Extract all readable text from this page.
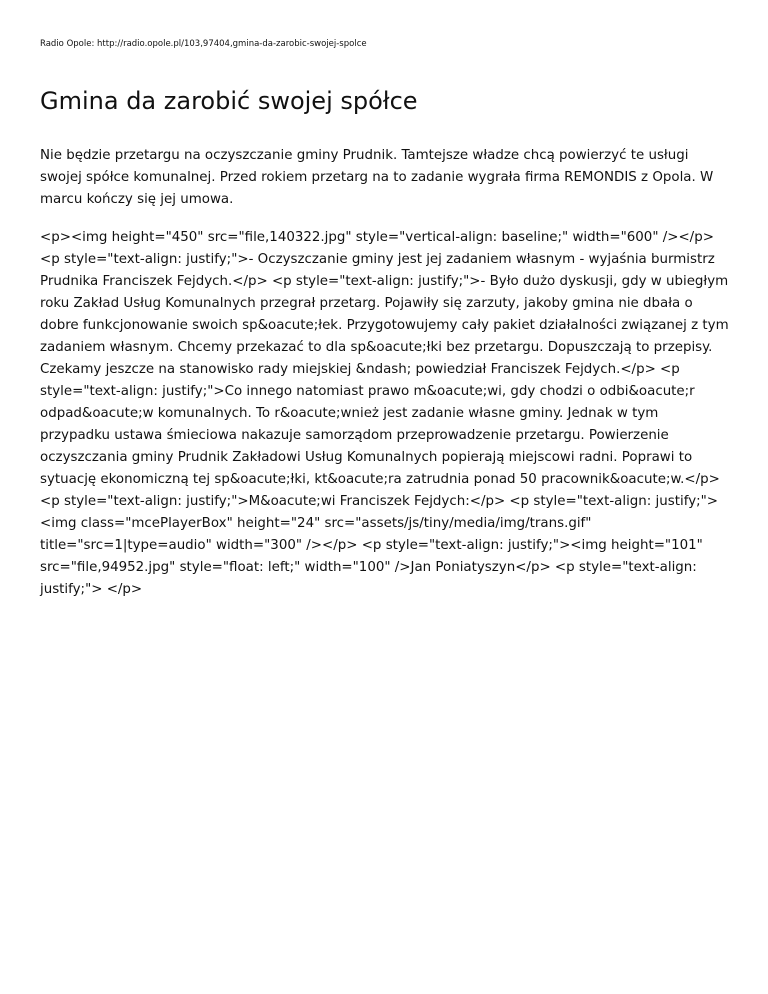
Radio Opole: http://radio.opole.pl/103,97404,gmina-da-zarobic-swojej-spolce
Gmina da zarobić swojej spółce

Nie będzie przetargu na oczyszczanie gminy Prudnik. Tamtejsze władze chcą powierzyć te usługi swojej spółce komunalnej. Przed rokiem przetarg na to zadanie wygrała firma REMONDIS z Opola. W marcu kończy się jej umowa.

<p><img height="450" src="file,140322.jpg" style="vertical-align: baseline;" width="600" /></p> <p style="text-align: justify;">- Oczyszczanie gminy jest jej zadaniem własnym - wyjaśnia burmistrz Prudnika Franciszek Fejdych.</p> <p style="text-align: justify;">- Było dużo dyskusji, gdy w ubiegłym roku Zakład Usług Komunalnych przegrał przetarg. Pojawiły się zarzuty, jakoby gmina nie dbała o dobre funkcjonowanie swoich sp&oacute;łek. Przygotowujemy cały pakiet działalności związanej z tym zadaniem własnym. Chcemy przekazać to dla sp&oacute;łki bez przetargu. Dopuszczają to przepisy. Czekamy jeszcze na stanowisko rady miejskiej &ndash; powiedział Franciszek Fejdych.</p> <p style="text-align: justify;">Co innego natomiast prawo m&oacute;wi, gdy chodzi o odbi&oacute;r odpad&oacute;w komunalnych. To r&oacute;wnież jest zadanie własne gminy. Jednak w tym przypadku ustawa śmieciowa nakazuje samorządom przeprowadzenie przetargu. Powierzenie oczyszczania gminy Prudnik Zakładowi Usług Komunalnych popierają miejscowi radni. Poprawi to sytuację ekonomiczną tej sp&oacute;łki, kt&oacute;ra zatrudnia ponad 50 pracownik&oacute;w.</p> <p style="text-align: justify;">M&oacute;wi Franciszek Fejdych:</p> <p style="text-align: justify;"><img class="mcePlayerBox" height="24" src="assets/js/tiny/media/img/trans.gif" title="src=1|type=audio" width="300" /></p> <p style="text-align: justify;"><img height="101" src="file,94952.jpg" style="float: left;" width="100" />Jan Poniatyszyn</p> <p style="text-align: justify;"> </p>
